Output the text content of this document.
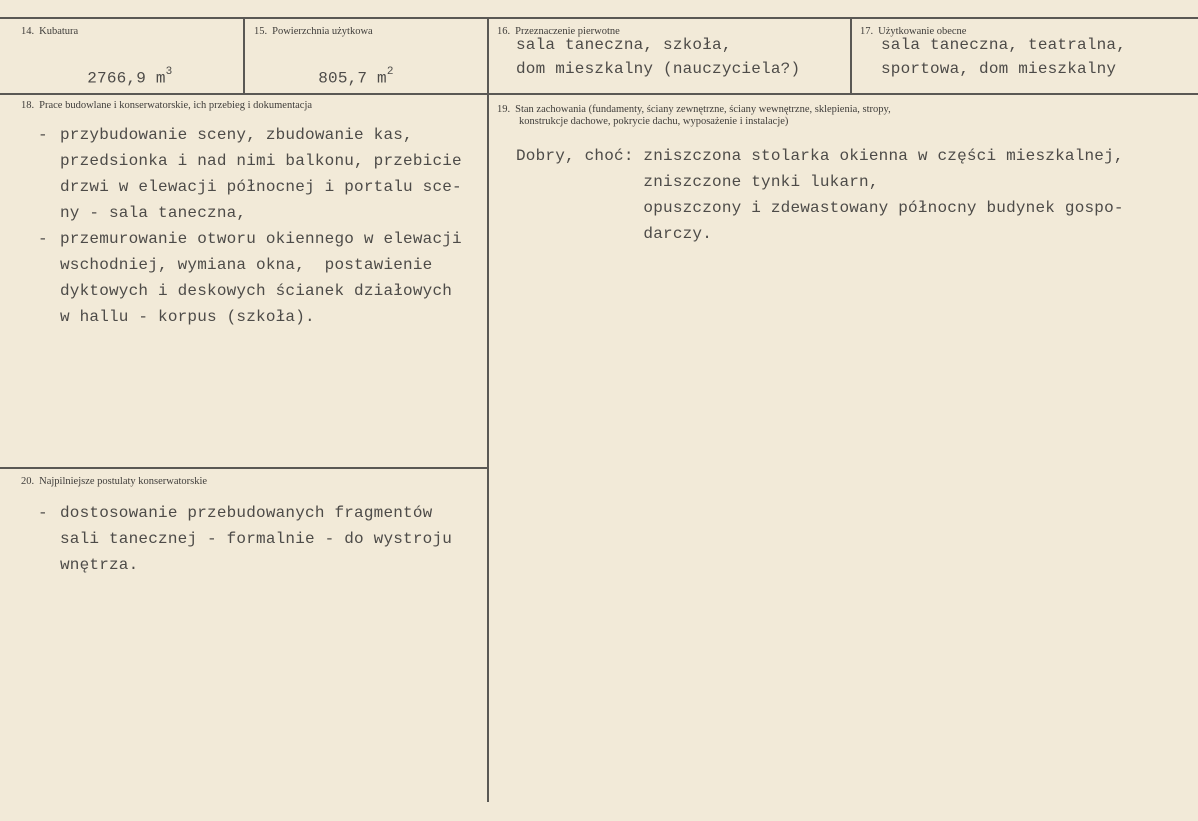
14. Kubatura

2766,9 $m^3$

15. Powierzchnia użytkowa

805,7 $m^2$

16. Przeznaczenie pierwotne
sala taneczna, szkoła,
dom mieszkalny (nauczyciela?)
17. Użytkowanie obecne
sala taneczna, teatralna,
sportowa, dom mieszkalny
18. Prace budowlane i konserwatorskie, ich przebieg i dokumentacja
- przybudowanie sceny, zbudowanie kas,
przedsionka i nad nimi balkonu, przebicie
drzwi w elewacji północnej i portalu sce-
ny - sala taneczna,
- przemurowanie otworu okiennego w elewacji
wschodniej, wymiana okna,  postawienie
dyktowych i deskowych ścianek działowych
w hallu - korpus (szkoła).
19. Stan zachowania (fundamenty, ściany zewnętrzne, ściany wewnętrzne, sklepienia, stropy,
konstrukcje dachowe, pokrycie dachu, wyposażenie i instalacje)
Dobry, choć: zniszczona stolarka okienna w części mieszkalnej,
zniszczone tynki lukarn,
opuszczony i zdewastowany północny budynek gospo-
darczy.
20. Najpilniejsze postulaty konserwatorskie
- dostosowanie przebudowanych fragmentów
sali tanecznej - formalnie - do wystroju
wnętrza.
